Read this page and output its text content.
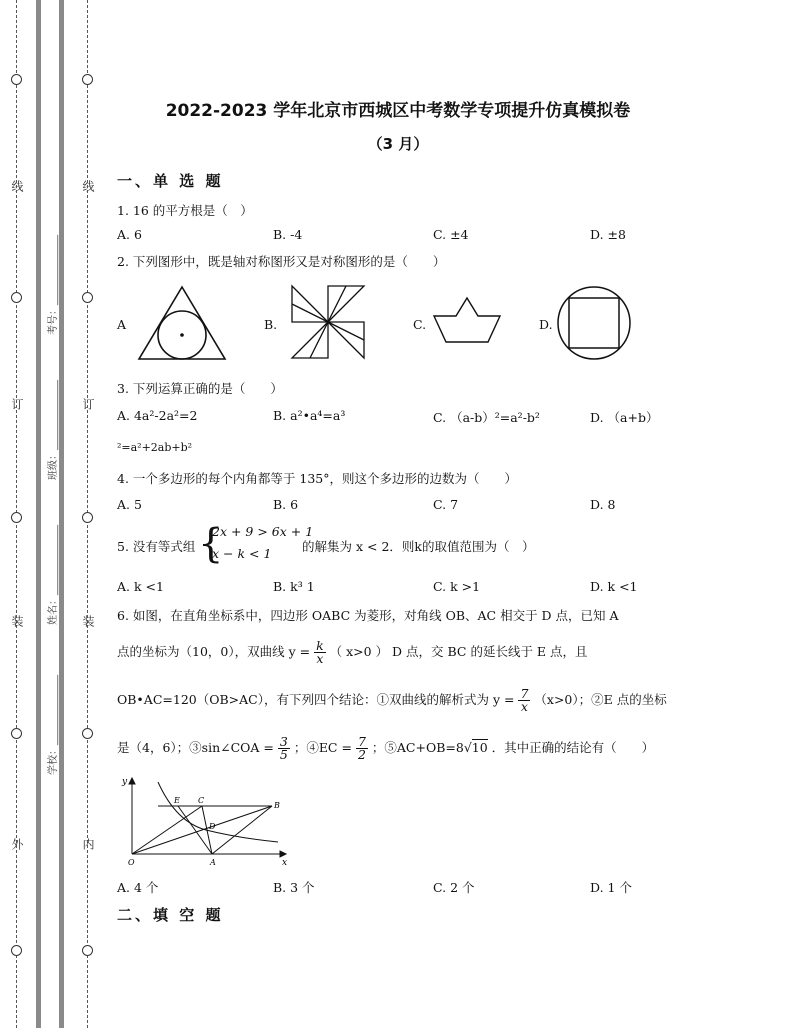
线
订
装
外
线
订
装
内
考号：______________
班级：______________
姓名：______________
学校：______________
2022-2023 学年北京市西城区中考数学专项提升仿真模拟卷
（3 月）
一、单 选 题
1. 16 的平方根是（　）
A. 6	B. -4	C. ±4	D. ±8
2. 下列图形中，既是轴对称图形又是对称图形的是（　　）
A	B.	C.	D.
3. 下列运算正确的是（　　）
A. 4a²-2a²=2	B. a²•a⁴=a³	C. （a-b）²=a²-b²	D. （a+b）
²=a²+2ab+b²
4. 一个多边形的每个内角都等于 135°，则这个多边形的边数为（　　）
A. 5	B. 6	C. 7	D. 8
5. 没有等式组 {
2x + 9 > 6x + 1
x − k < 1 的解集为 x < 2．则k的取值范围为（　）
A. k <1	B. k³ 1	C. k >1	D. k <1
6. 如图，在直角坐标系中，四边形 OABC 为菱形，对角线 OB、AC 相交于 D 点，已知 A
点的坐标为（10，0），双曲线 $y = \frac{k}{x}$ （ x>0 ） D 点，交 BC 的延长线于 E 点，且
OB•AC=120（OB>AC），有下列四个结论：①双曲线的解析式为 $y = \frac{7}{x} (x>0)$；②E 点的坐标
是（4，6）；③sin∠COA = $\frac{3}{5}$ ；④EC = $\frac{7}{2}$ ；⑤AC+OB=8√10 ．其中正确的结论有（　　）
y
x
O	A
B
C
D
E
A. 4 个	B. 3 个	C. 2 个	D. 1 个
二、填 空 题
